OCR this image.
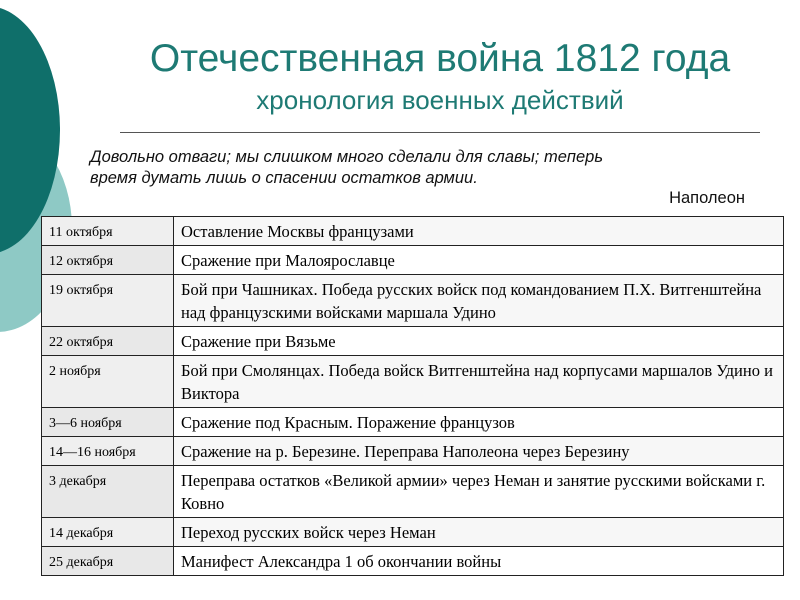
Отечественная война 1812 года
хронология военных действий
Довольно отваги; мы слишком много сделали для славы; теперь
время думать лишь о спасении остатков армии.
Наполеон
11 октября	Оставление Москвы французами
12 октября	Сражение при Малоярославце
19 октября	Бой при Чашниках. Победа русских войск под командованием П.Х. Витгенштейна над французскими войсками маршала Удино
22 октября	Сражение при Вязьме
2 ноября	Бой при Смолянцах. Победа войск Витгенштейна над корпусами маршалов Удино и Виктора
3—6 ноября	Сражение под Красным. Поражение французов
14—16 ноября	Сражение на р. Березине. Переправа Наполеона через Березину
3 декабря	Переправа остатков «Великой армии» через Неман и занятие русскими войсками г. Ковно
14 декабря	Переход русских войск через Неман
25 декабря	Манифест Александра 1 об окончании войны
